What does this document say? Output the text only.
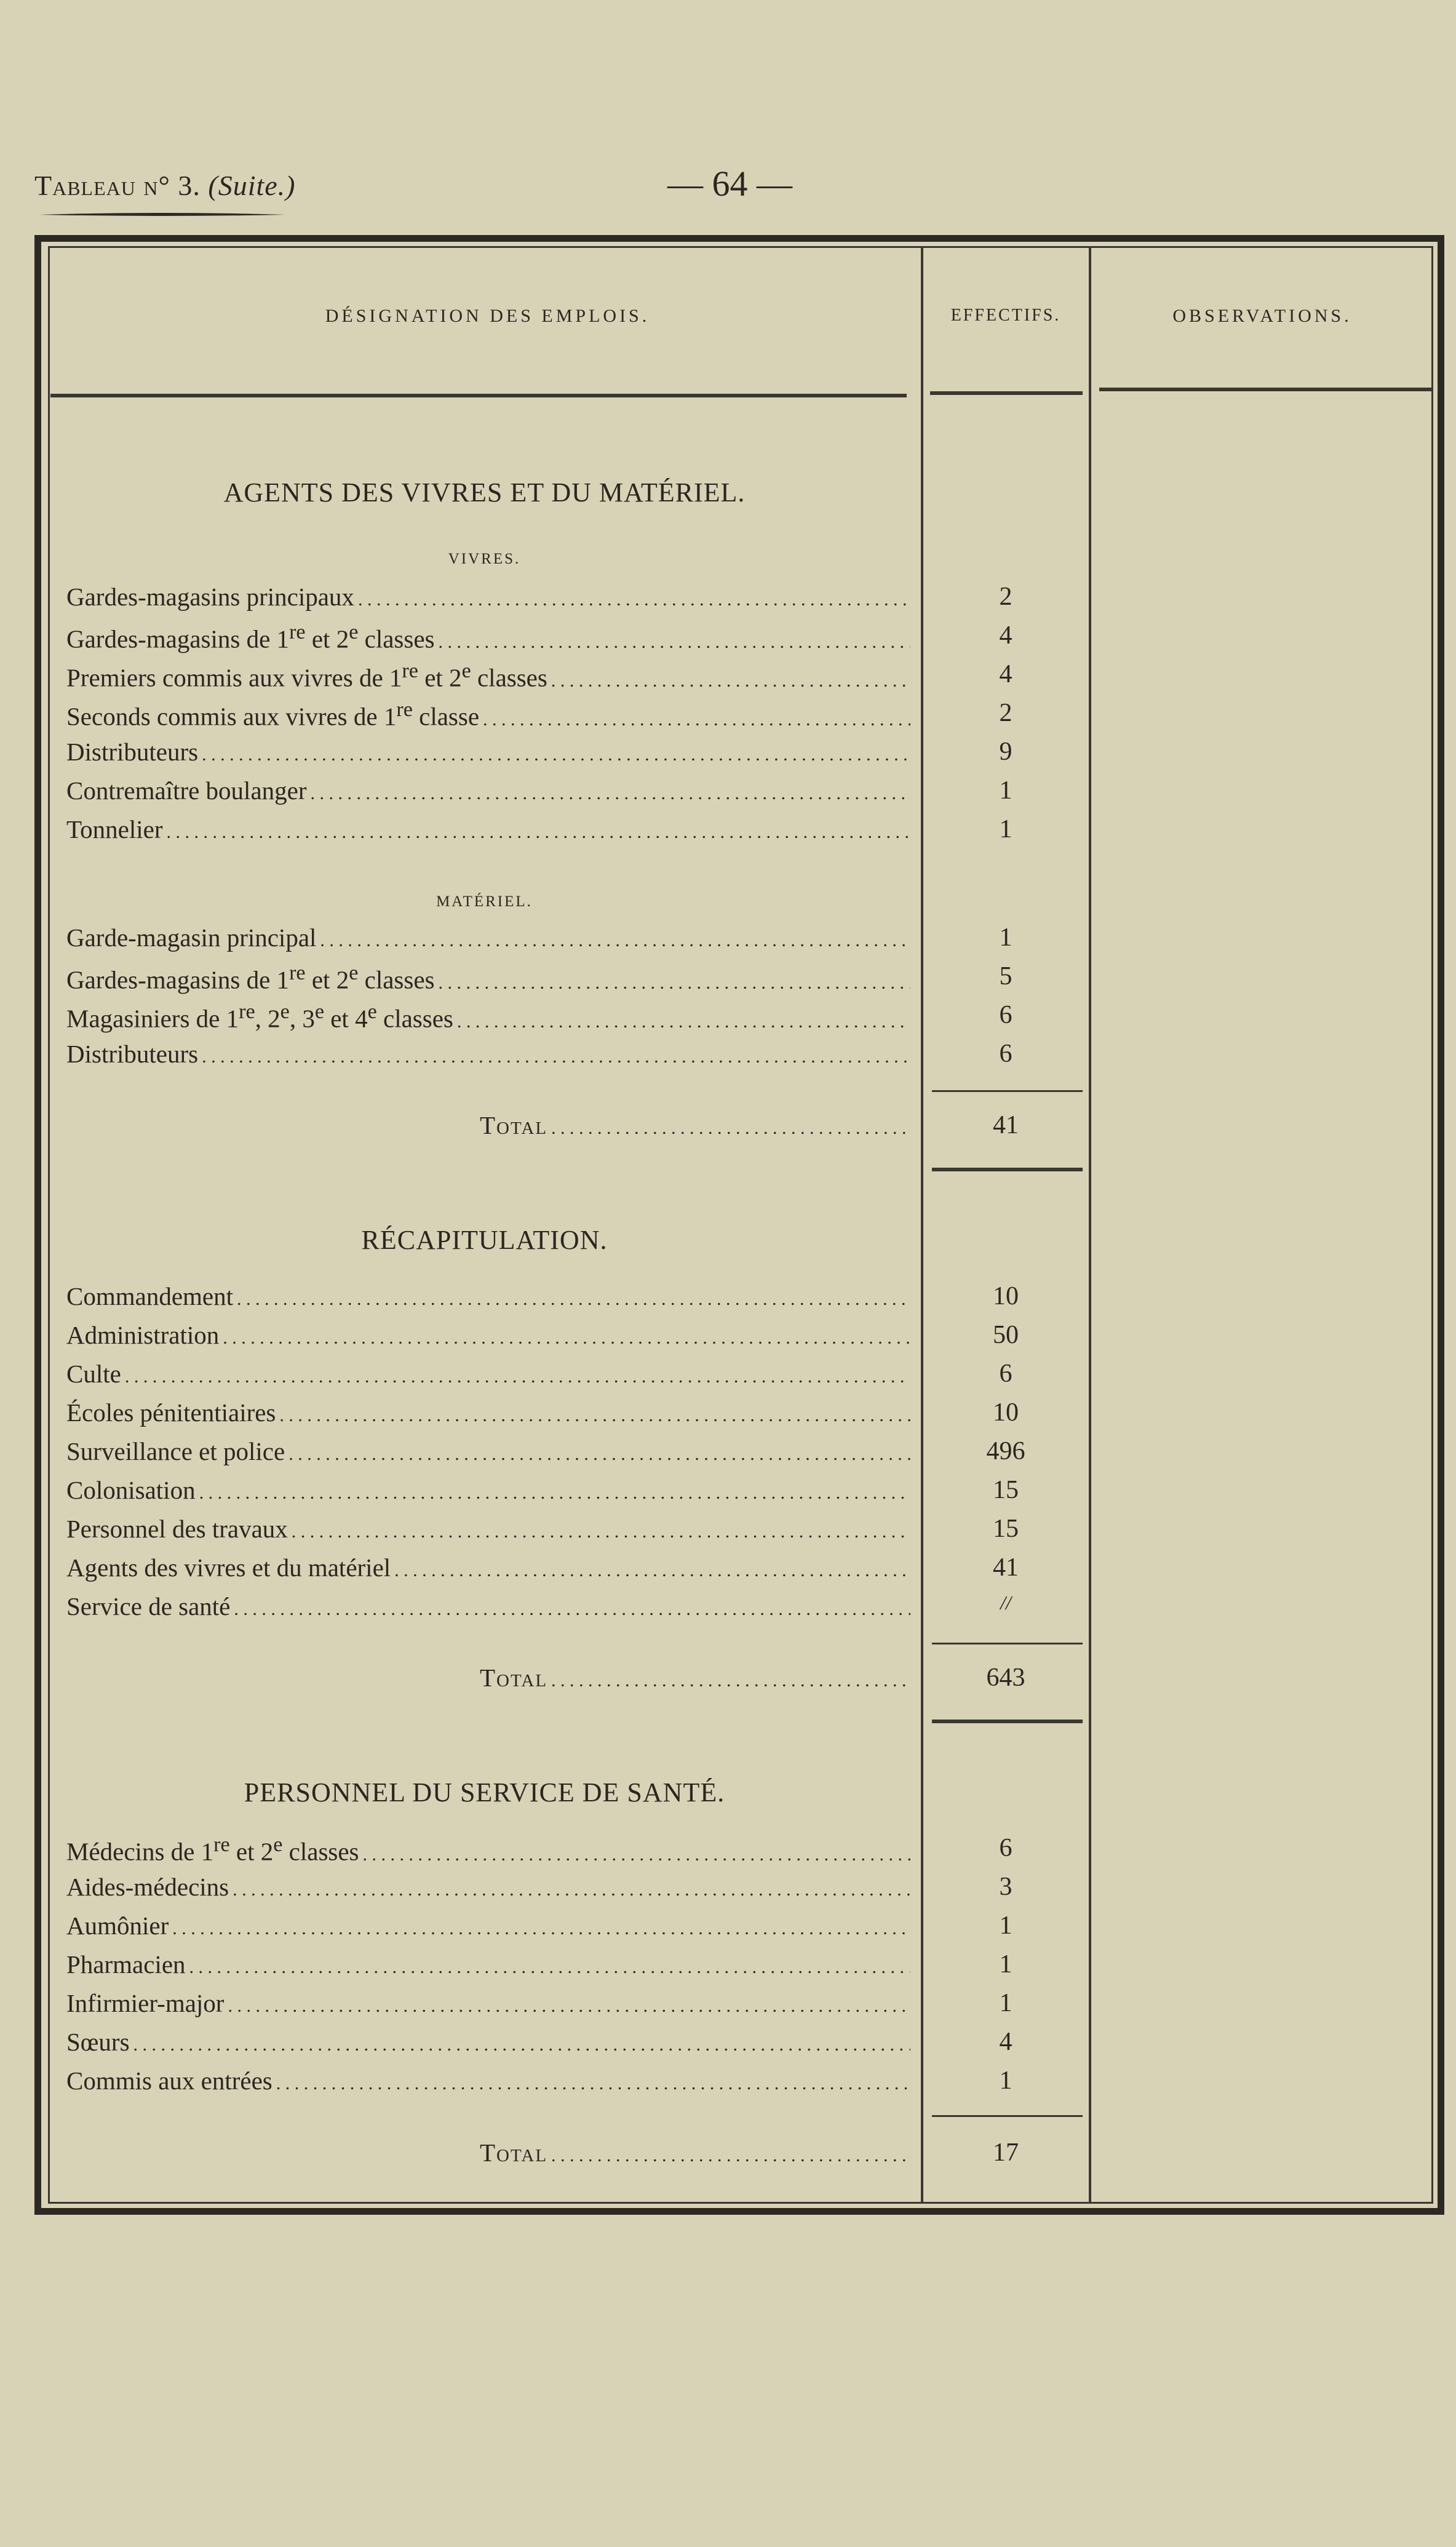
Tableau n° 3. (Suite.)	— 64 —
DÉSIGNATION DES EMPLOIS.	EFFECTIFS.	OBSERVATIONS.
AGENTS DES VIVRES ET DU MATÉRIEL.
VIVRES.
Gardes-magasins principaux . . .	2
Gardes-magasins de 1re et 2e classes . . .	4
Premiers commis aux vivres de 1re et 2e classes . . .	4
Seconds commis aux vivres de 1re classe . . .	2
Distributeurs . . .	9
Contremaître boulanger . . .	1
Tonnelier . . .	1
MATÉRIEL.
Garde-magasin principal . . .	1
Gardes-magasins de 1re et 2e classes . . .	5
Magasiniers de 1re, 2e, 3e et 4e classes . . .	6
Distributeurs . . .	6
Total . . .	41
RÉCAPITULATION.
Commandement . . .	10
Administration . . .	50
Culte . . .	6
Écoles pénitentiaires . . .	10
Surveillance et police . . .	496
Colonisation . . .	15
Personnel des travaux . . .	15
Agents des vivres et du matériel . . .	41
Service de santé . . .	//
Total . . .	643
PERSONNEL DU SERVICE DE SANTÉ.
Médecins de 1re et 2e classes . . .	6
Aides-médecins . . .	3
Aumônier . . .	1
Pharmacien . . .	1
Infirmier-major . . .	1
Sœurs . . .	4
Commis aux entrées . . .	1
Total . . .	17
